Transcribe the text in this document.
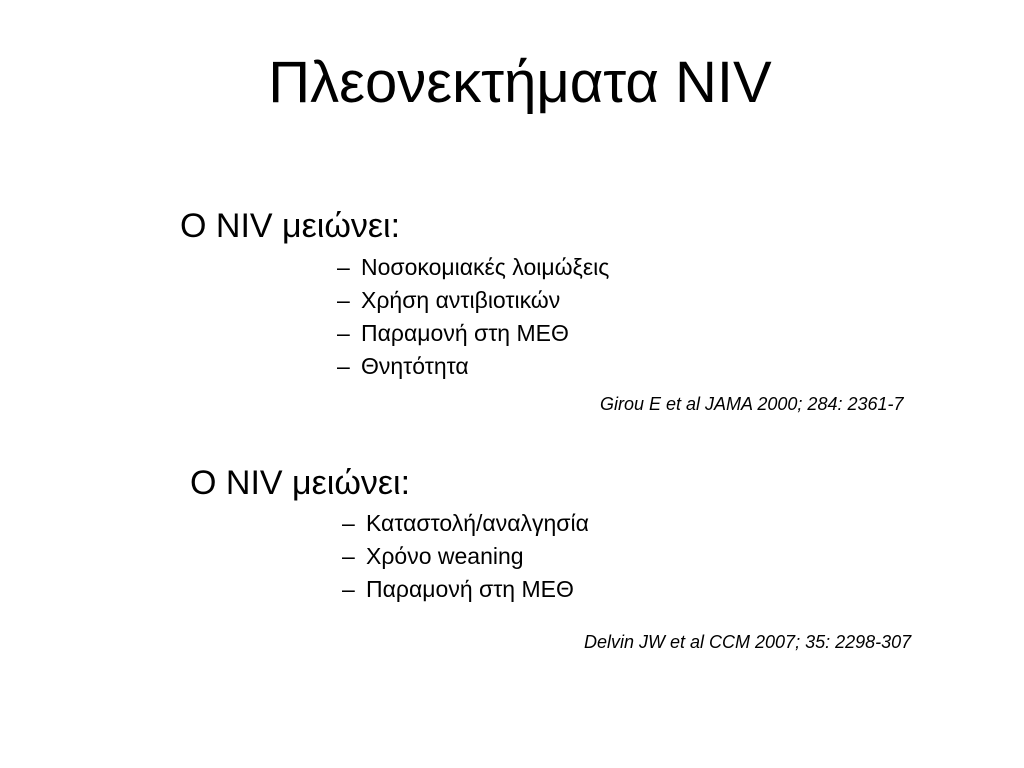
Πλεονεκτήματα NIV
Ο NIV μειώνει:
– Νοσοκομιακές λοιμώξεις
– Χρήση αντιβιοτικών
– Παραμονή στη ΜΕΘ
– Θνητότητα
Girou E et al JAMA 2000; 284: 2361-7
Ο NIV μειώνει:
– Καταστολή/αναλγησία
– Χρόνο weaning
– Παραμονή στη ΜΕΘ
Delvin JW et al CCM 2007; 35: 2298-307
